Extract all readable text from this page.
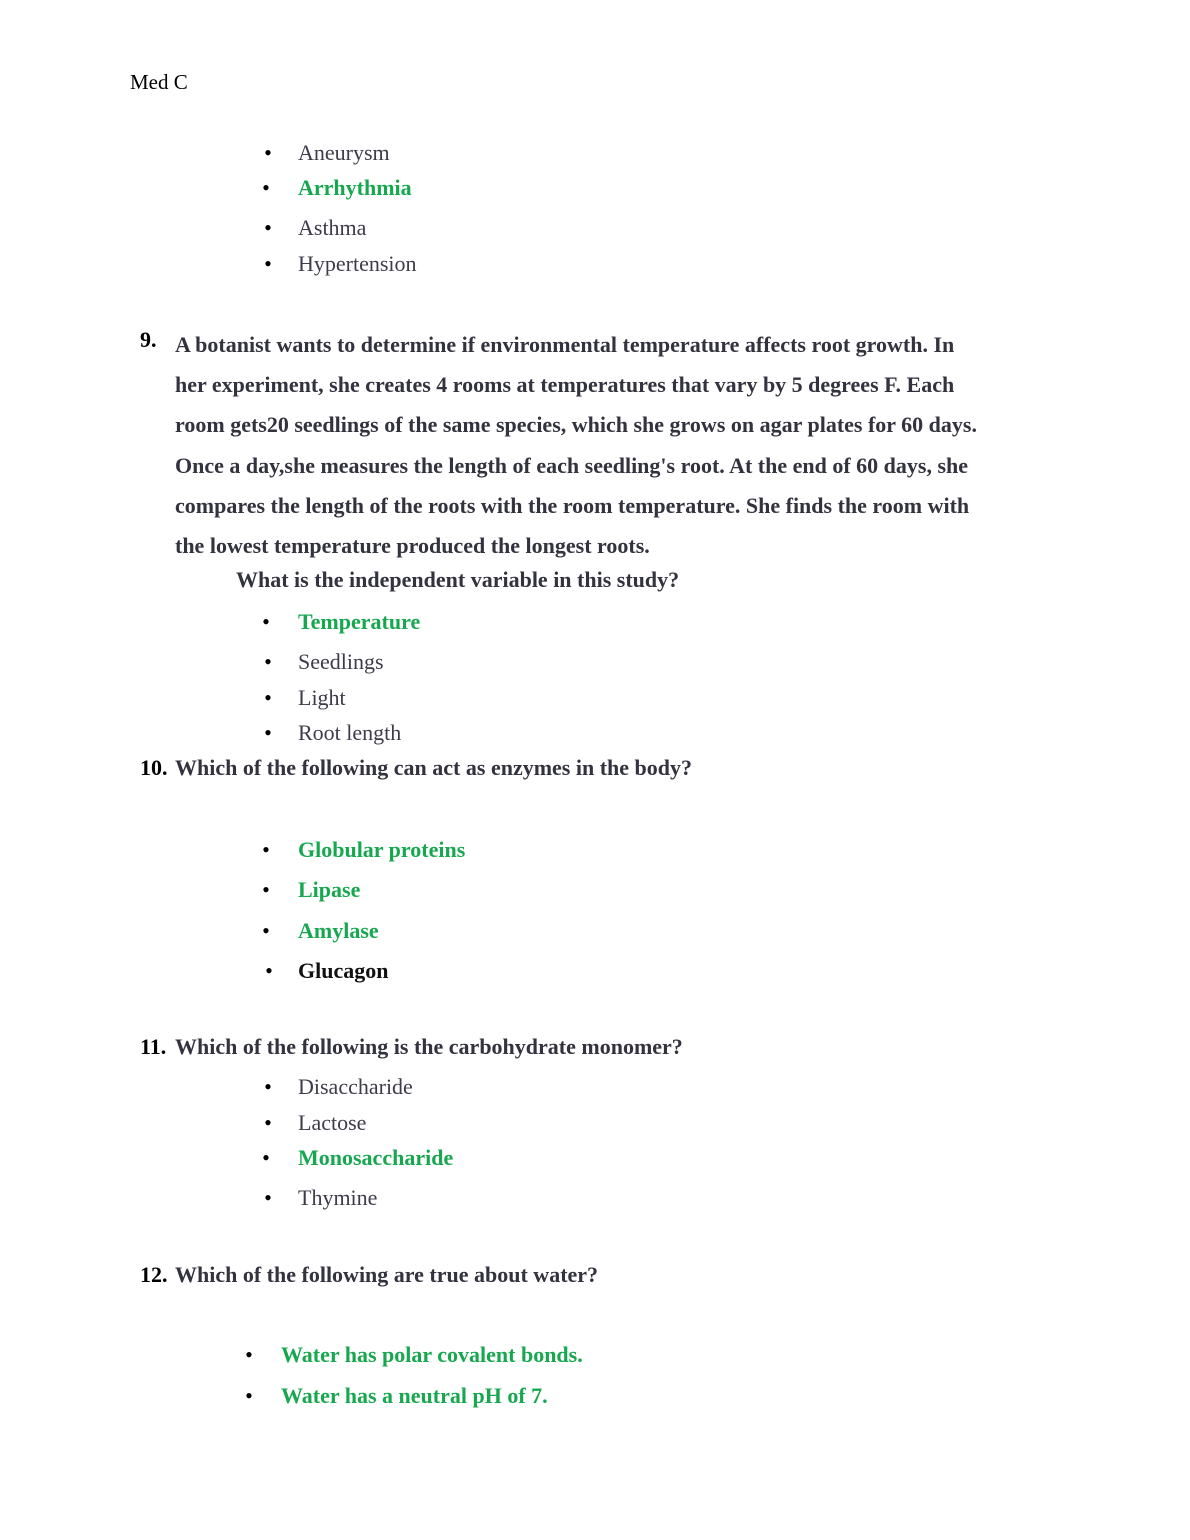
Med C
• Aneurysm
• Arrhythmia
• Asthma
• Hypertension
9. A botanist wants to determine if environmental temperature affects root growth. In
her experiment, she creates 4 rooms at temperatures that vary by 5 degrees F. Each
room gets20 seedlings of the same species, which she grows on agar plates for 60 days.
Once a day,she measures the length of each seedling's root. At the end of 60 days, she
compares the length of the roots with the room temperature. She finds the room with
the lowest temperature produced the longest roots.
What is the independent variable in this study?
• Temperature
• Seedlings
• Light
• Root length
10. Which of the following can act as enzymes in the body?
• Globular proteins
• Lipase
• Amylase
• Glucagon
11. Which of the following is the carbohydrate monomer?
• Disaccharide
• Lactose
• Monosaccharide
• Thymine
12. Which of the following are true about water?
• Water has polar covalent bonds.
• Water has a neutral pH of 7.
